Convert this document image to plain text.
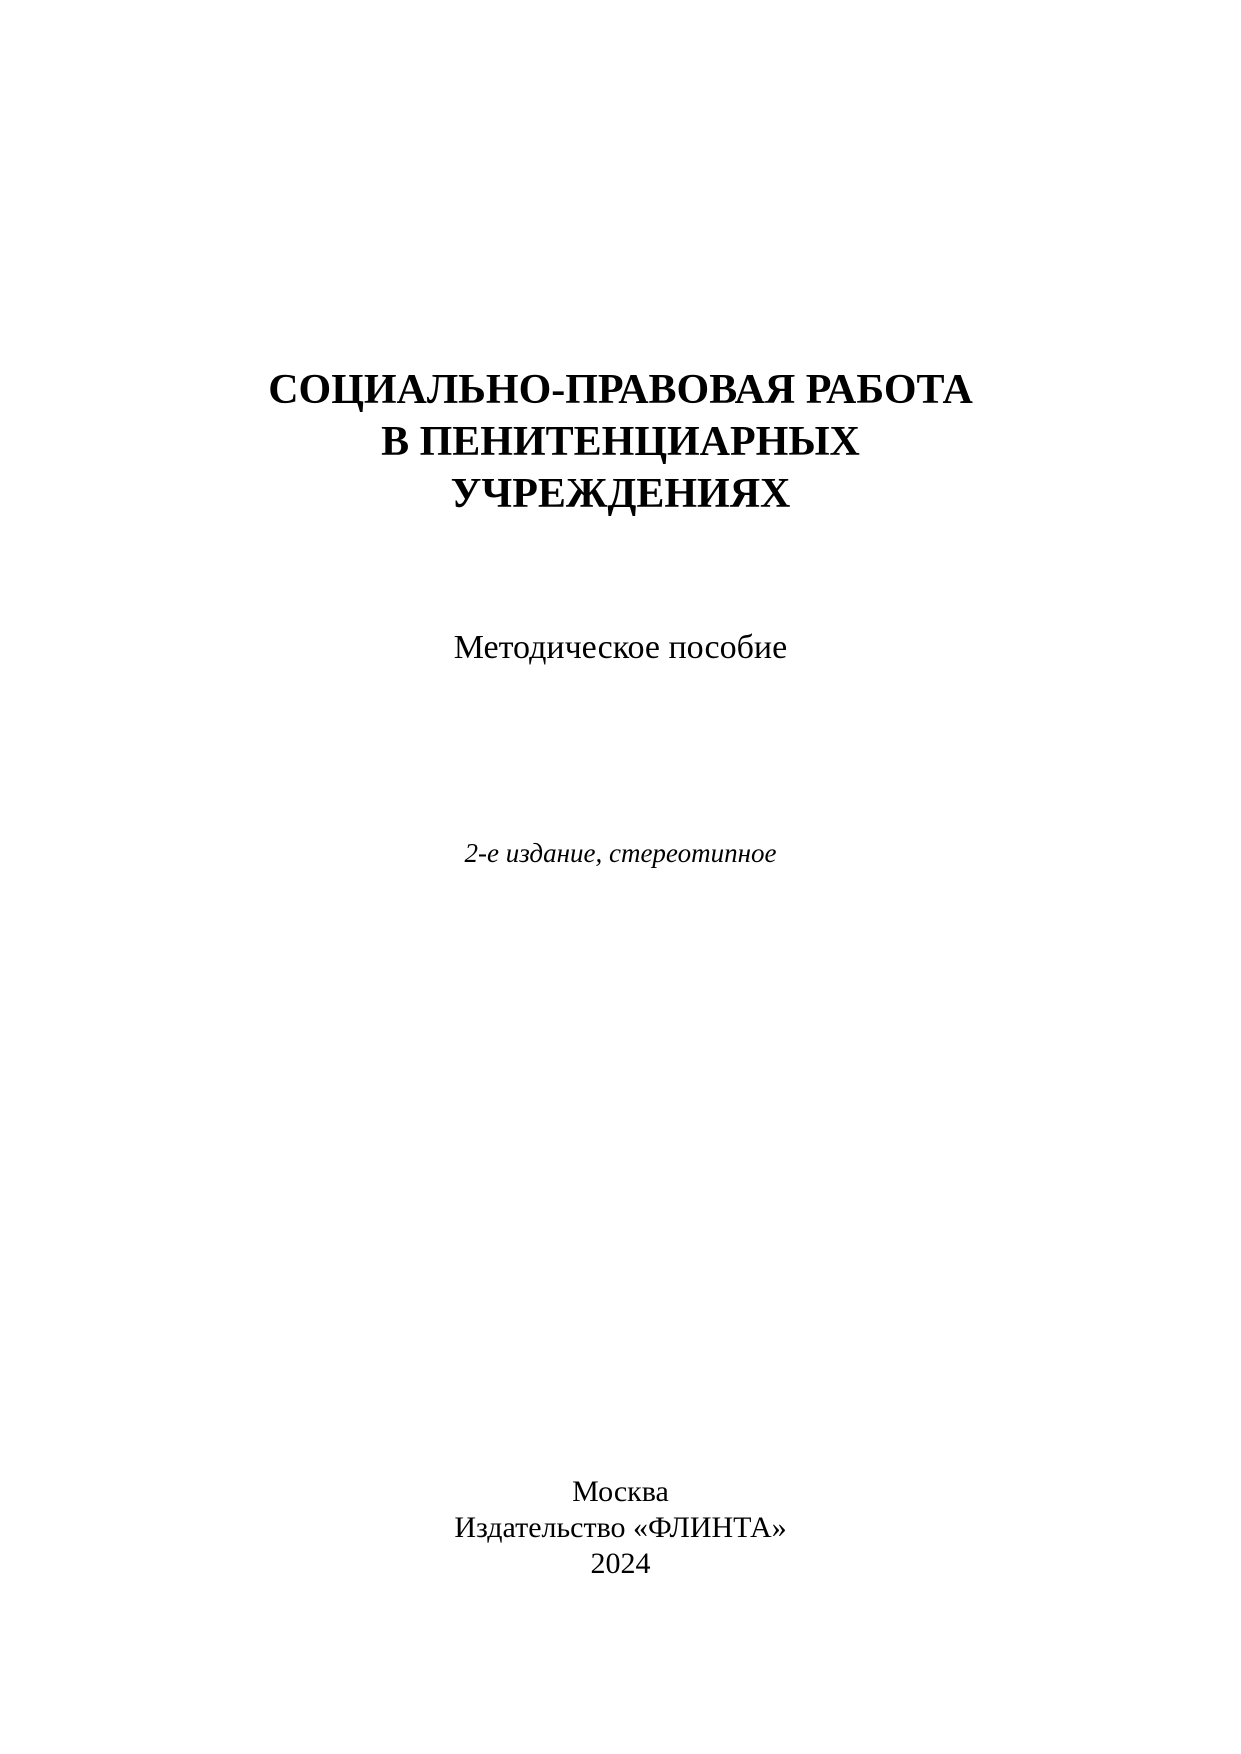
СОЦИАЛЬНО-ПРАВОВАЯ РАБОТА
В ПЕНИТЕНЦИАРНЫХ
УЧРЕЖДЕНИЯХ
Методическое пособие
2-е издание, стереотипное
Москва
Издательство «ФЛИНТА»
2024
